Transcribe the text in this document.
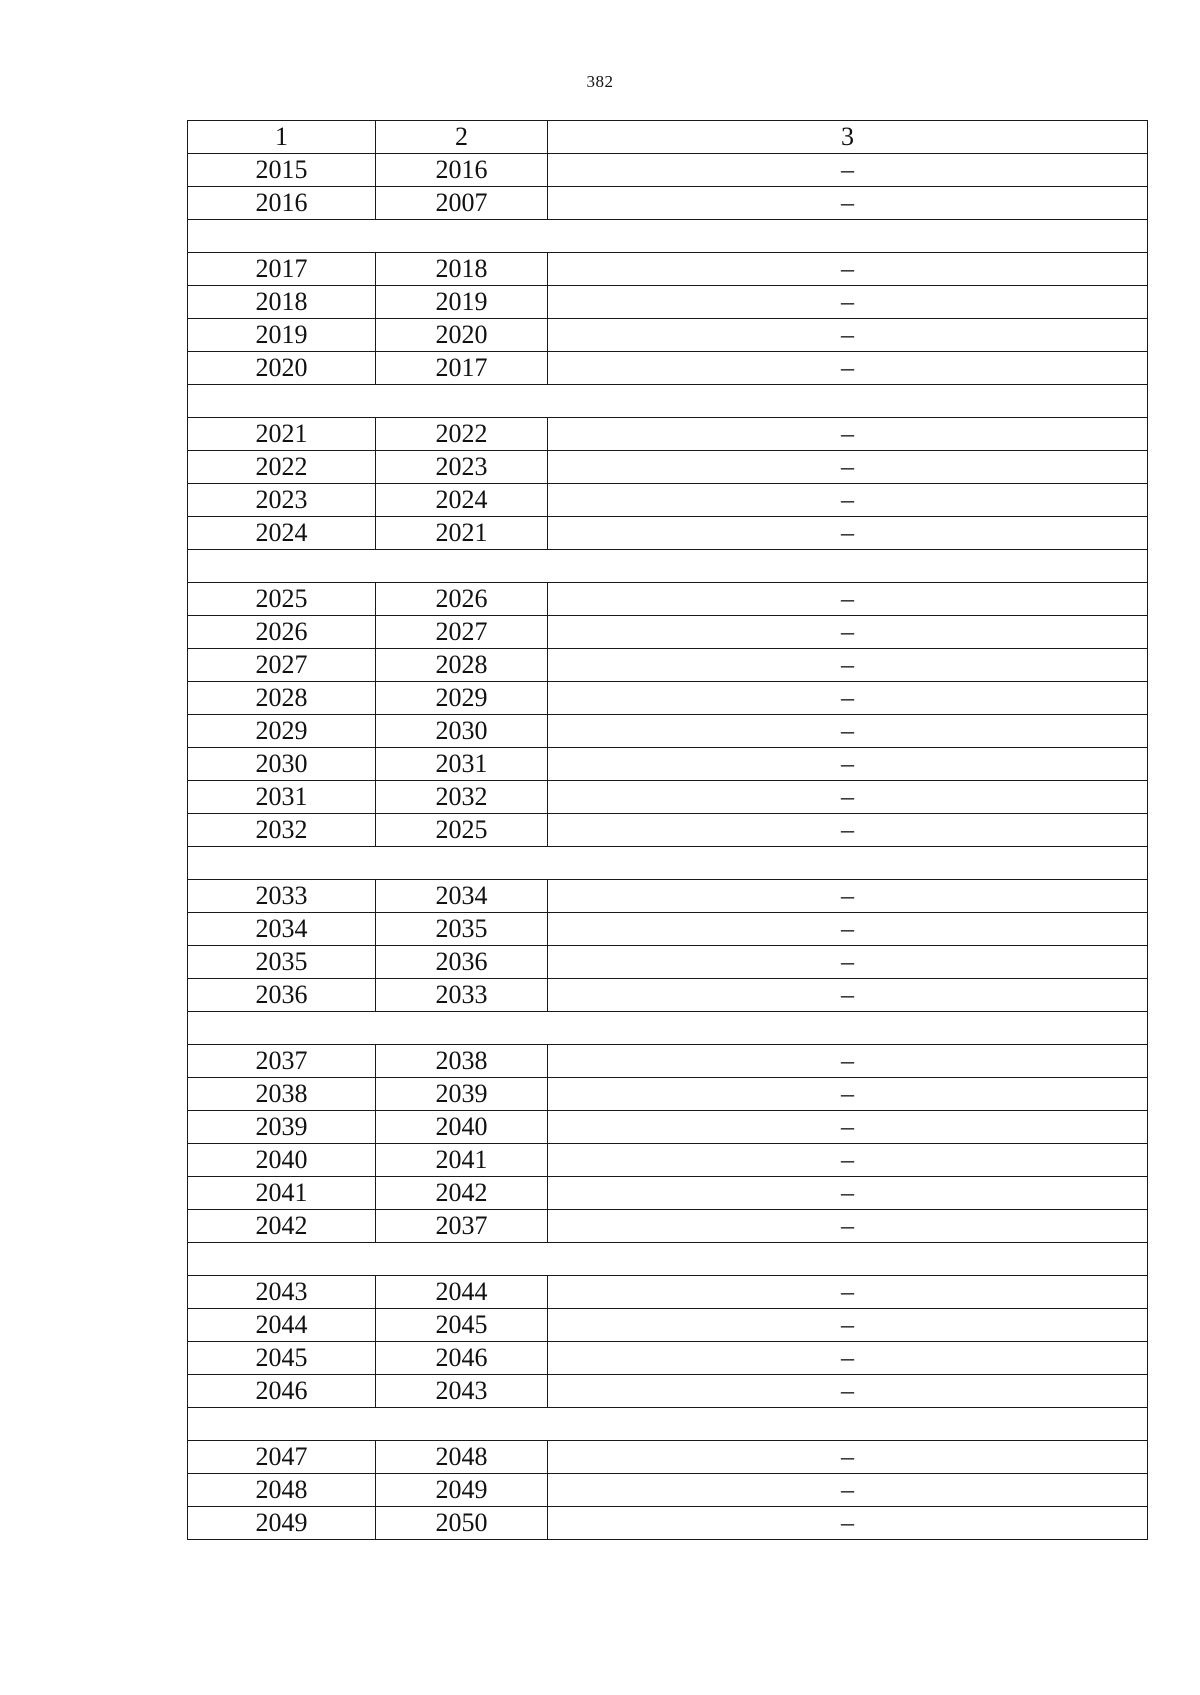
382
1	2	3
2015	2016	–
2016	2007	–

2017	2018	–
2018	2019	–
2019	2020	–
2020	2017	–

2021	2022	–
2022	2023	–
2023	2024	–
2024	2021	–

2025	2026	–
2026	2027	–
2027	2028	–
2028	2029	–
2029	2030	–
2030	2031	–
2031	2032	–
2032	2025	–

2033	2034	–
2034	2035	–
2035	2036	–
2036	2033	–

2037	2038	–
2038	2039	–
2039	2040	–
2040	2041	–
2041	2042	–
2042	2037	–

2043	2044	–
2044	2045	–
2045	2046	–
2046	2043	–

2047	2048	–
2048	2049	–
2049	2050	–
